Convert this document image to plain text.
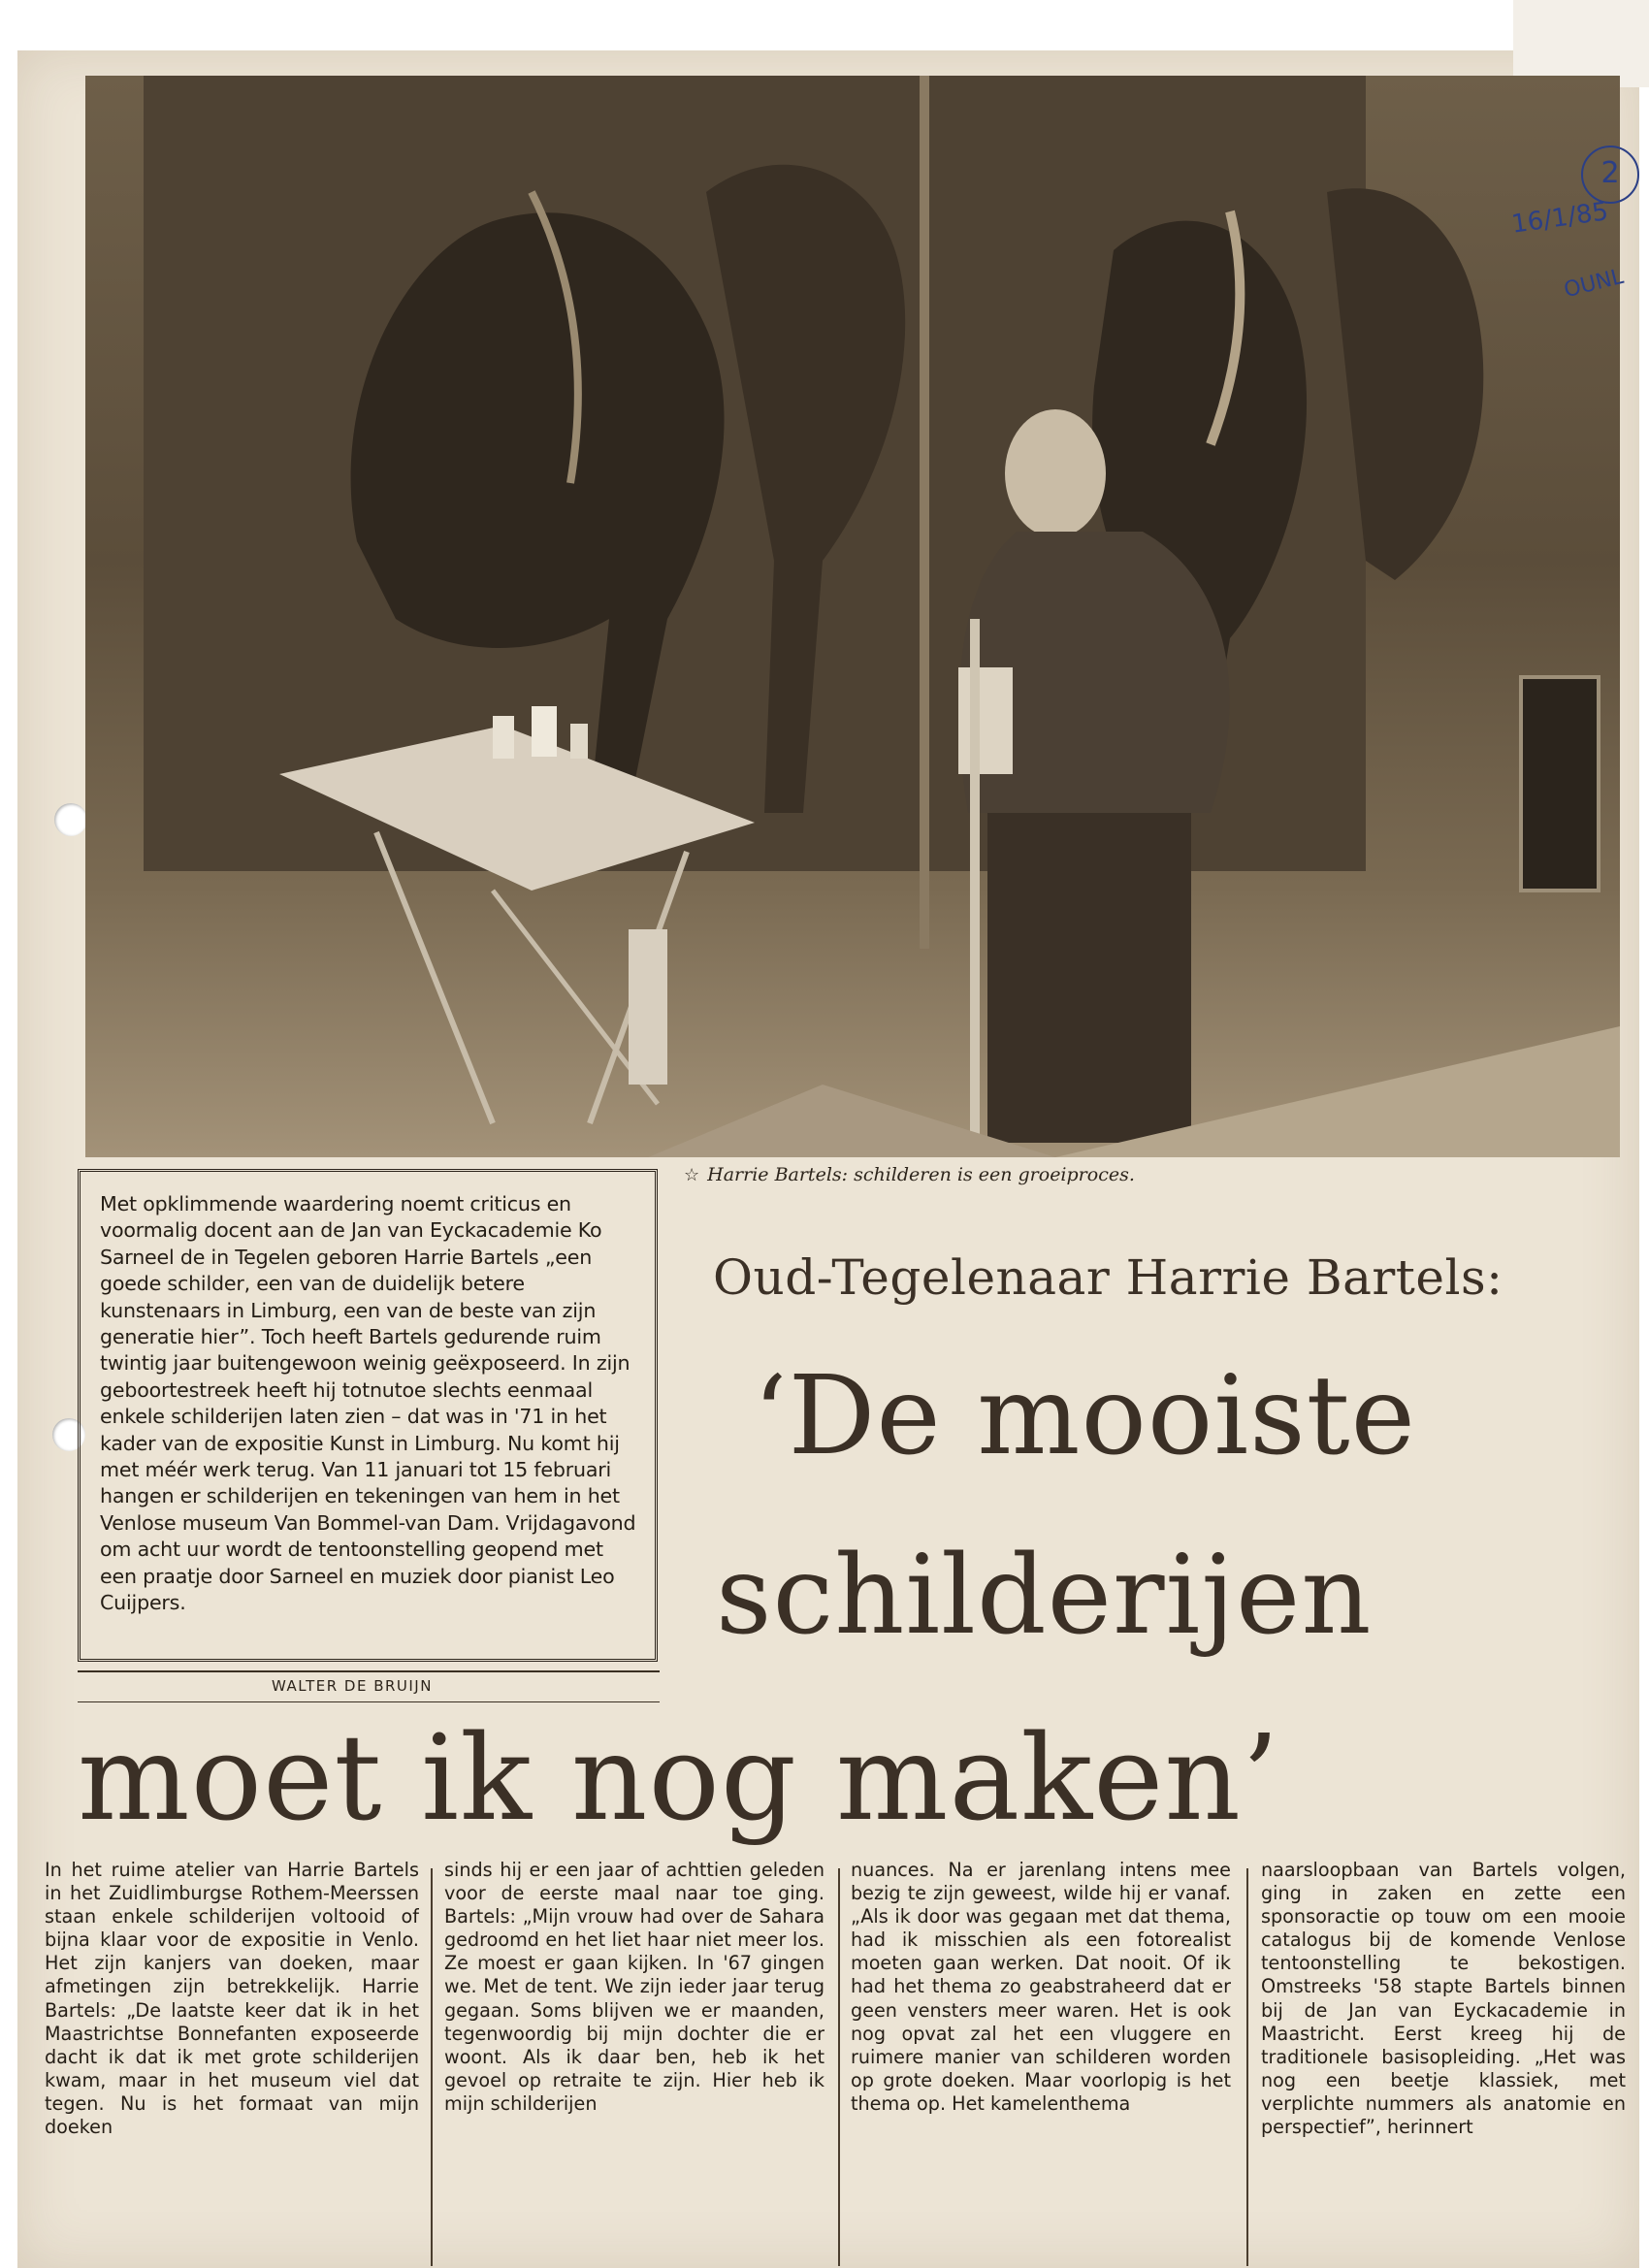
2
16/1/85
OUNL
☆ Harrie Bartels: schilderen is een groeiproces.

Met opklimmende waardering noemt criticus en voormalig docent aan de Jan van Eyckacademie Ko Sarneel de in Tegelen geboren Harrie Bartels „een goede schilder, een van de duidelijk betere kunstenaars in Limburg, een van de beste van zijn generatie hier”. Toch heeft Bartels gedurende ruim twintig jaar buitengewoon weinig geëxposeerd. In zijn geboortestreek heeft hij totnutoe slechts eenmaal enkele schilderijen laten zien – dat was in '71 in het kader van de expositie Kunst in Limburg. Nu komt hij met méér werk terug. Van 11 januari tot 15 februari hangen er schilderijen en tekeningen van hem in het Venlose museum Van Bommel-van Dam. Vrijdagavond om acht uur wordt de tentoonstelling geopend met een praatje door Sarneel en muziek door pianist Leo Cuijpers.

WALTER DE BRUIJN
Oud-Tegelenaar Harrie Bartels:
‘De mooiste
schilderijen
moet ik nog maken’

In het ruime atelier van Harrie Bartels in het Zuidlimburgse Rothem-Meerssen staan enkele schilderijen voltooid of bijna klaar voor de expositie in Venlo. Het zijn kanjers van doeken, maar afmetingen zijn betrekkelijk. Harrie Bartels: „De laatste keer dat ik in het Maastrichtse Bonnefanten exposeerde dacht ik dat ik met grote schilderijen kwam, maar in het museum viel dat tegen. Nu is het formaat van mijn doeken

sinds hij er een jaar of achttien geleden voor de eerste maal naar toe ging. Bartels: „Mijn vrouw had over de Sahara gedroomd en het liet haar niet meer los. Ze moest er gaan kijken. In '67 gingen we. Met de tent. We zijn ieder jaar terug gegaan. Soms blijven we er maanden, tegenwoordig bij mijn dochter die er woont. Als ik daar ben, heb ik het gevoel op retraite te zijn. Hier heb ik mijn schilderijen

nuances. Na er jarenlang intens mee bezig te zijn geweest, wilde hij er vanaf. „Als ik door was gegaan met dat thema, had ik misschien als een fotorealist moeten gaan werken. Dat nooit. Of ik had het thema zo geabstraheerd dat er geen vensters meer waren. Het is ook nog opvat zal het een vluggere en ruimere manier van schilderen worden op grote doeken. Maar voorlopig is het thema op. Het kamelenthema

naarsloopbaan van Bartels volgen, ging in zaken en zette een sponsoractie op touw om een mooie catalogus bij de komende Venlose tentoonstelling te bekostigen. Omstreeks '58 stapte Bartels binnen bij de Jan van Eyckacademie in Maastricht. Eerst kreeg hij de traditionele basisopleiding. „Het was nog een beetje klassiek, met verplichte nummers als anatomie en perspectief”, herinnert
